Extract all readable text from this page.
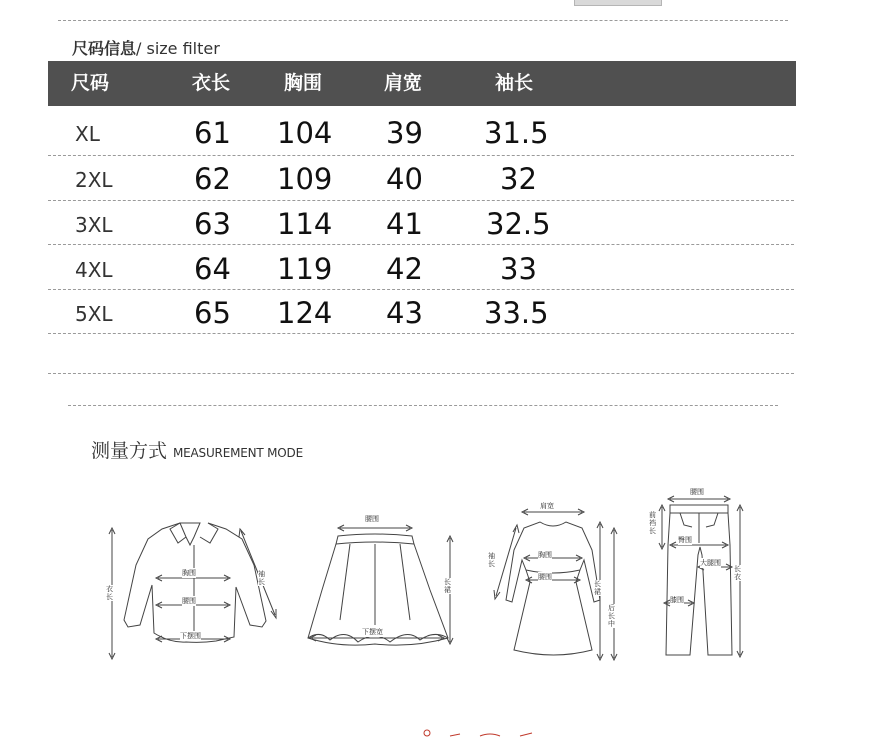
尺码信息/ size filter
尺码	衣长	胸围	肩宽	袖长
XL	61 104 39 31.5
2XL	62 109 40	32
3XL	63 114 41 32.5
4XL	64 119 42	33
5XL	65 124 43 33.5
测量方式 MEASUREMENT MODE
衣长
袖长
胸围
腰围
下摆围
腰围
长裙
下摆宽
肩宽
袖长
胸围
腰围
长裙
后长中
腰围
前裆长
臀围
大腿围
膝围
长衣
